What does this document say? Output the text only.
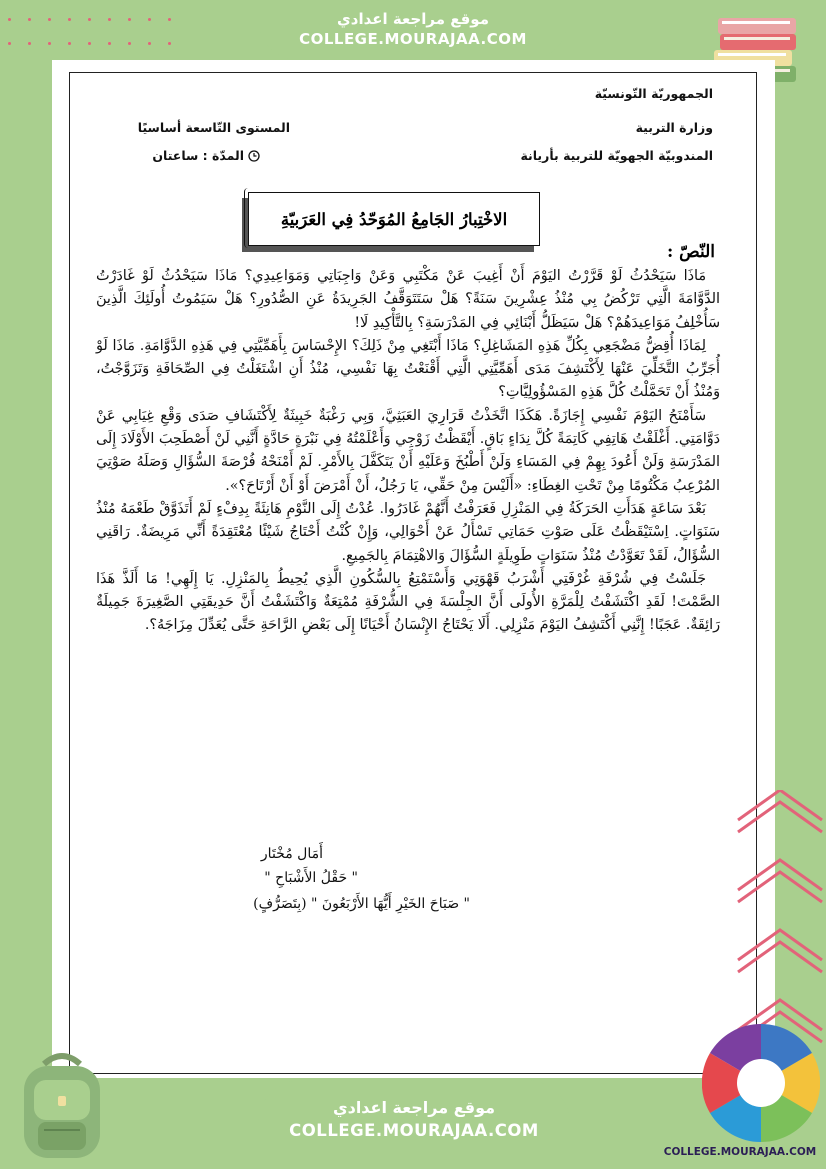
موقع مراجعة اعدادي
COLLEGE.MOURAJAA.COM
الجمهوريّة التّونسيّة
وزارة التربية
المندوبيّة الجهويّة للتربية بأريانة
المستوى التّاسعة أساسيًا
المدّة : ساعتان
الاخْتِبارُ الجَامِعُ المُوَحّدُ فِي العَرَبيّةِ
النّصّ :

مَاذَا سَيَحْدُثُ لَوْ قَرَّرْتُ اليَوْمَ أَنْ أَغِيبَ عَنْ مَكْتَبِي وَعَنْ وَاجِبَاتِي وَمَوَاعِيدِي؟ مَاذَا سَيَحْدُثُ لَوْ غَادَرْتُ الدَّوَّامَةَ الَّتِي تَرْكُضُ بِي مُنْذُ عِشْرِينَ سَنَةً؟ هَلْ سَتَتَوَقَّفُ الجَرِيدَةُ عَنِ الصُّدُورِ؟ هَلْ سَيَمُوتُ أُولَئِكَ الَّذِينَ سَأُخْلِفُ مَوَاعِيدَهُمْ؟ هَلْ سَيَظَلُّ أَبْنَائِي فِي المَدْرَسَةِ؟ بِالتَّأْكِيدِ لَا!

لِمَاذَا أُقِضُّ مَضْجَعِي بِكُلِّ هَذِهِ المَشَاغِلِ؟ مَاذَا أَبْتَغِي مِنْ ذَلِكَ؟ الإِحْسَاسَ بِأَهَمِّيَّتِي فِي هَذِهِ الدَّوَّامَةِ. مَاذَا لَوْ أُجَرِّبُ التَّخَلِّيَ عَنْهَا لِأَكْتَشِفَ مَدَى أَهَمِّيَّتِي الَّتِي أَقْنَعْتُ بِهَا نَفْسِي، مُنْذُ أَنِ اشْتَغَلْتُ فِي الصِّحَافَةِ وَتَزَوَّجْتُ، وَمُنْذُ أَنْ تَحَمَّلْتُ كُلَّ هَذِهِ المَسْؤُولِيَّاتِ؟

سَأَمْنَحُ اليَوْمَ نَفْسِي إِجَازَةً. هَكَذَا اتَّخَذْتُ قَرَارِيَ العَبَثِيَّ، وَبِي رَغْبَةٌ خَبِيثَةٌ لِأَكْتَشَافِ صَدَى وَقْعِ غِيَابِي عَنْ دَوَّامَتِي. أَغْلَقْتُ هَاتِفِي كَاتِمَةً كُلَّ نِدَاءٍ بَاقٍ. أَيْقَظْتُ زَوْجِي وَأَعْلَمْتُهُ فِي نَبْرَةٍ حَادَّةٍ أَنَّنِي لَنْ أَصْطَحِبَ الأَوْلَادَ إِلَى المَدْرَسَةِ وَلَنْ أَعُودَ بِهِمْ فِي المَسَاءِ وَلَنْ أَطْبُخَ وَعَلَيْهِ أَنْ يَتَكَفَّلَ بِالأَمْرِ. لَمْ أَمْنَحْهُ فُرْصَةَ السُّؤَالِ وَصَلَهُ صَوْتِيَ المُرْعِبُ مَكْتُومًا مِنْ تَحْتِ الغِطَاءِ: «أَلَيْسَ مِنْ حَقِّي، يَا رَجُلُ، أَنْ أَمْرَضَ أَوْ أَنْ أَرْتَاحَ؟».

بَعْدَ سَاعَةٍ هَدَأَتِ الحَرَكَةُ فِي المَنْزِلِ فَعَرَفْتُ أَنَّهُمْ غَادَرُوا. عُدْتُ إِلَى النَّوْمِ هَانِئَةً بِدِفْءٍ لَمْ أَتَذَوَّقْ طَعْمَهُ مُنْذُ سَنَوَاتٍ. اِسْتَيْقَظْتُ عَلَى صَوْتِ حَمَاتِي تَسْأَلُ عَنْ أَحْوَالِي، وَإِنْ كُنْتُ أَحْتَاجُ شَيْئًا مُعْتَقِدَةً أَنِّي مَرِيضَةٌ. رَاقَنِي السُّؤَالُ، لَقَدْ تَعَوَّدْتُ مُنْذُ سَنَوَاتٍ طَوِيلَةٍ السُّؤَالَ وَالاهْتِمَامَ بِالجَمِيعِ.

جَلَسْتُ فِي شُرْفَةِ غُرْفَتِي أَشْرَبُ قَهْوَتِي وَأَسْتَمْتِعُ بِالسُّكُونِ الَّذِي يُحِيطُ بِالمَنْزِلِ. يَا إِلَهِي! مَا أَلَذَّ هَذَا الصَّمْتَ! لَقَدِ اكْتَشَفْتُ لِلْمَرَّةِ الأُولَى أَنَّ الجِلْسَةَ فِي الشُّرْفَةِ مُمْتِعَةٌ وَاكْتَشَفْتُ أَنَّ حَدِيقَتِي الصَّغِيرَةَ جَمِيلَةٌ رَائِقَةٌ. عَجَبًا! إِنَّنِي أَكْتَشِفُ اليَوْمَ مَنْزِلِي. أَلَا يَحْتَاجُ الإِنْسَانُ أَحْيَانًا إِلَى بَعْضِ الرَّاحَةِ حَتَّى يُعَدِّلَ مِزَاجَهُ؟.

أَمَال مُخْتَار
" حَقْلُ الأَشْبَاحِ "
" صَبَاحَ الخَيْرِ أَيُّهَا الأَرْبَعُونَ " (بِتَصَرُّفٍ)
موقع مراجعة اعدادي
COLLEGE.MOURAJAA.COM
COLLEGE.MOURAJAA.COM
